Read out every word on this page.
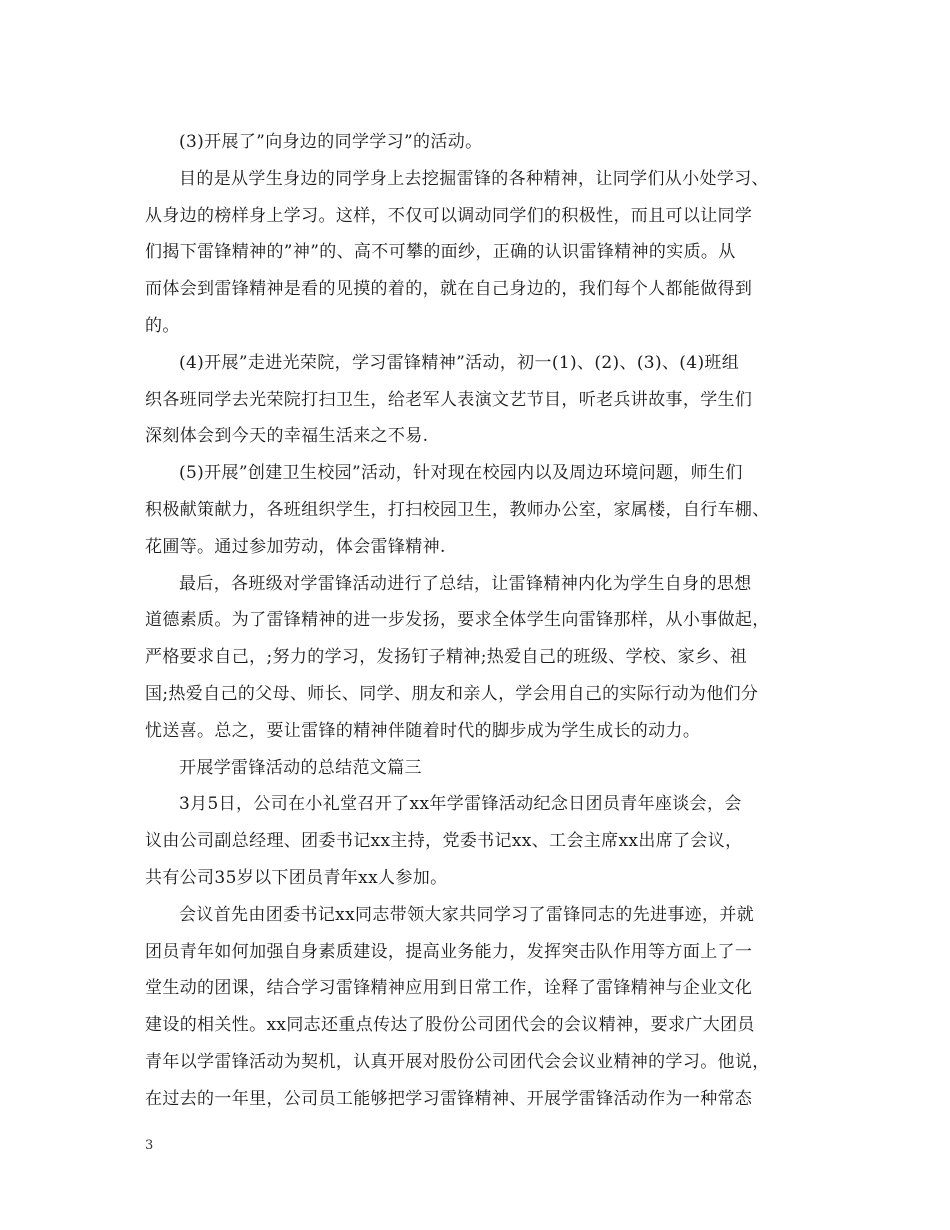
(3)开展了”向身边的同学学习”的活动。

目的是从学生身边的同学身上去挖掘雷锋的各种精神，让同学们从小处学习、
从身边的榜样身上学习。这样，不仅可以调动同学们的积极性，而且可以让同学
们揭下雷锋精神的”神”的、高不可攀的面纱，正确的认识雷锋精神的实质。从
而体会到雷锋精神是看的见摸的着的，就在自己身边的，我们每个人都能做得到
的。

(4)开展”走进光荣院，学习雷锋精神”活动，初一(1)、(2)、(3)、(4)班组
织各班同学去光荣院打扫卫生，给老军人表演文艺节目，听老兵讲故事，学生们
深刻体会到今天的幸福生活来之不易.

(5)开展”创建卫生校园”活动，针对现在校园内以及周边环境问题，师生们
积极献策献力，各班组织学生，打扫校园卫生，教师办公室，家属楼，自行车棚、
花圃等。通过参加劳动，体会雷锋精神.

最后，各班级对学雷锋活动进行了总结，让雷锋精神内化为学生自身的思想
道德素质。为了雷锋精神的进一步发扬，要求全体学生向雷锋那样，从小事做起，
严格要求自己，;努力的学习，发扬钉子精神;热爱自己的班级、学校、家乡、祖
国;热爱自己的父母、师长、同学、朋友和亲人，学会用自己的实际行动为他们分
忧送喜。总之，要让雷锋的精神伴随着时代的脚步成为学生成长的动力。

开展学雷锋活动的总结范文篇三

3月5日，公司在小礼堂召开了xx年学雷锋活动纪念日团员青年座谈会，会
议由公司副总经理、团委书记xx主持，党委书记xx、工会主席xx出席了会议，
共有公司35岁以下团员青年xx人参加。

会议首先由团委书记xx同志带领大家共同学习了雷锋同志的先进事迹，并就
团员青年如何加强自身素质建设，提高业务能力，发挥突击队作用等方面上了一
堂生动的团课，结合学习雷锋精神应用到日常工作，诠释了雷锋精神与企业文化
建设的相关性。xx同志还重点传达了股份公司团代会的会议精神，要求广大团员
青年以学雷锋活动为契机，认真开展对股份公司团代会会议业精神的学习。他说，
在过去的一年里，公司员工能够把学习雷锋精神、开展学雷锋活动作为一种常态

3
